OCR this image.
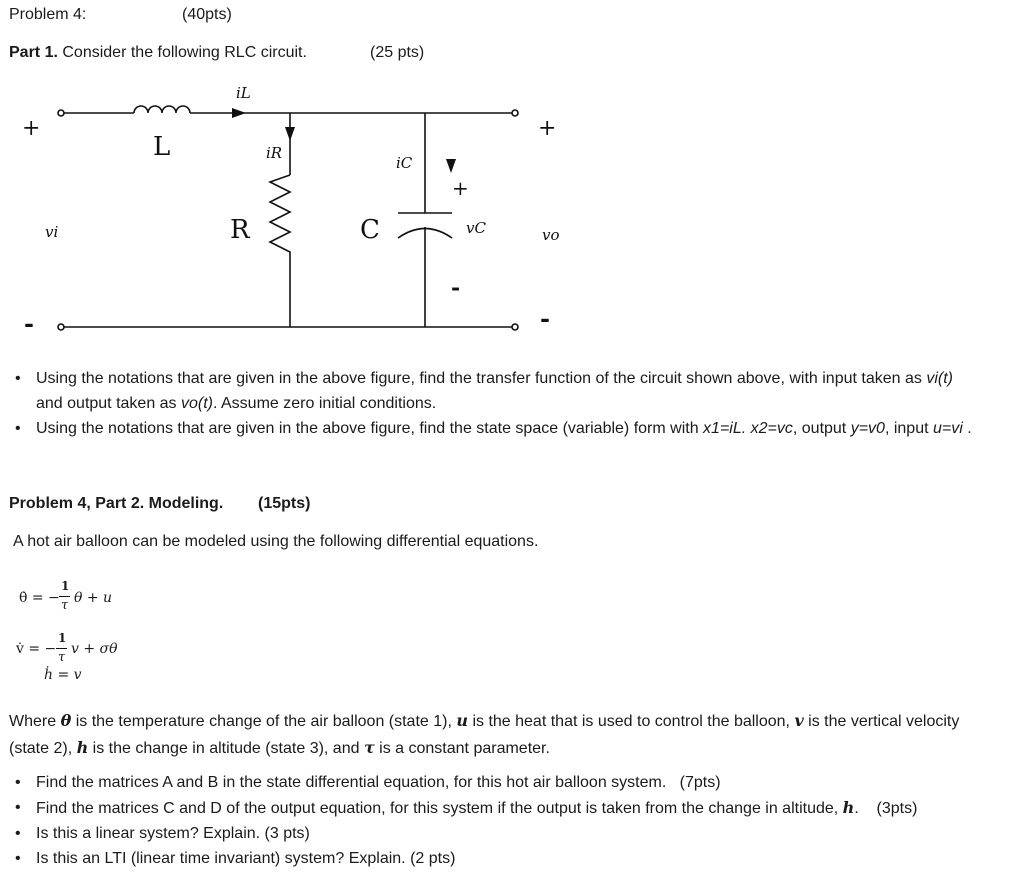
Problem 4:	(40pts)
Part 1. Consider the following RLC circuit.	(25 pts)
+
-
vi
L
iL
iR
R	C
iC
+
-
vC
+
-
vo
• Using the notations that are given in the above figure, find the transfer function of the circuit shown above, with input taken as vi(t)
and output taken as vo(t). Assume zero initial conditions.
• Using the notations that are given in the above figure, find the state space (variable) form with x1=iL. x2=vc, output y=v0, input u=vi .
Problem 4, Part 2. Modeling. (15pts)
A hot air balloon can be modeled using the following differential equations.
θ̇ = −
1
τ θ + u
v̇ = −
1
τ
v + σθ
ḣ = v
Where θ is the temperature change of the air balloon (state 1), u is the heat that is used to control the balloon, v is the vertical velocity
(state 2), h is the change in altitude (state 3), and τ is a constant parameter.
• Find the matrices A and B in the state differential equation, for this hot air balloon system. (7pts)
• Find the matrices C and D of the output equation, for this system if the output is taken from the change in altitude, h. (3pts)
• Is this a linear system? Explain. (3 pts)
• Is this an LTI (linear time invariant) system? Explain. (2 pts)
